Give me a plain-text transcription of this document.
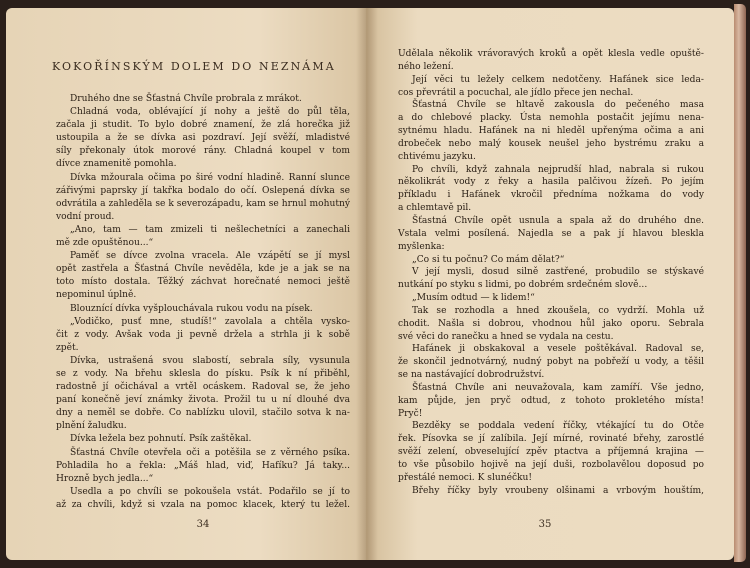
KOKOŘÍNSKÝM DOLEM DO NEZNÁMA
Druhého dne se Šťastná Chvíle probrala z mrákot.
Chladná voda, oblévající jí nohy a ještě do půl těla,
začala ji studit. To bylo dobré znamení, že zlá horečka již
ustoupila a že se dívka asi pozdraví. Její svěží, mladistvé
síly překonaly útok morové rány. Chladná koupel v tom
dívce znamenitě pomohla.
Dívka mžourala očima po širé vodní hladině. Ranní slunce
zářivými paprsky jí takřka bodalo do očí. Oslepená dívka se
odvrátila a zahleděla se k severozápadu, kam se hrnul mohutný
vodní proud.
„Ano, tam — tam zmizeli ti nešlechetníci a zanechali
mě zde opuštěnou...“
Paměť se dívce zvolna vracela. Ale vzápětí se jí mysl
opět zastřela a Šťastná Chvíle nevěděla, kde je a jak se na
toto místo dostala. Těžký záchvat horečnaté nemoci ještě
nepominul úplně.
Blouznící dívka vyšplouchávala rukou vodu na písek.
„Vodičko, pusť mne, studíš!“ zavolala a chtěla vysko-
čit z vody. Avšak voda ji pevně držela a strhla ji k sobě
zpět.
Dívka, ustrašená svou slabostí, sebrala síly, vysunula
se z vody. Na břehu sklesla do písku. Psík k ní přiběhl,
radostně jí očichával a vrtěl ocáskem. Radoval se, že jeho
paní konečně jeví známky života. Prožil tu u ní dlouhé dva
dny a neměl se dobře. Co nablízku ulovil, stačilo sotva k na-
plnění žaludku.
Dívka ležela bez pohnutí. Psík zaštěkal.
Šťastná Chvíle otevřela oči a potěšila se z věrného psíka.
Pohladila ho a řekla: „Máš hlad, viď, Hafíku? Já taky...
Hrozně bych jedla...“
Usedla a po chvíli se pokoušela vstát. Podařilo se jí to
až za chvíli, když si vzala na pomoc klacek, který tu ležel.
34
Udělala několik vrávoravých kroků a opět klesla vedle opuště-
ného ležení.
Její věci tu ležely celkem nedotčeny. Hafánek sice leda-
cos převrátil a pocuchal, ale jídlo přece jen nechal.
Šťastná Chvíle se hltavě zakousla do pečeného masa
a do chlebové placky. Ústa nemohla postačit jejímu nena-
sytnému hladu. Hafánek na ni hleděl upřenýma očima a ani
drobeček nebo malý kousek neušel jeho bystrému zraku a
chtivému jazyku.
Po chvíli, když zahnala nejprudší hlad, nabrala si rukou
několikrát vody z řeky a hasila palčivou žízeň. Po jejím
příkladu i Hafánek vkročil předníma nožkama do vody
a chlemtavě pil.
Šťastná Chvíle opět usnula a spala až do druhého dne.
Vstala velmi posílená. Najedla se a pak jí hlavou bleskla
myšlenka:
„Co si tu počnu? Co mám dělat?“
V její mysli, dosud silně zastřené, probudilo se stýskavé
nutkání po styku s lidmi, po dobrém srdečném slově...
„Musím odtud — k lidem!“
Tak se rozhodla a hned zkoušela, co vydrží. Mohla už
chodit. Našla si dobrou, vhodnou hůl jako oporu. Sebrala
své věci do ranečku a hned se vydala na cestu.
Hafánek ji obskakoval a vesele poštěkával. Radoval se,
že skončil jednotvárný, nudný pobyt na pobřeží u vody, a těšil
se na nastávající dobrodružství.
Šťastná Chvíle ani neuvažovala, kam zamíří. Vše jedno,
kam půjde, jen pryč odtud, z tohoto prokletého místa!
Pryč!
Bezděky se poddala vedení říčky, vtékající tu do Otče
řek. Písovka se jí zalíbila. Její mírné, rovinaté břehy, zarostlé
svěží zelení, obveselující zpěv ptactva a příjemná krajina —
to vše působilo hojivě na její duši, rozbolavělou doposud po
přestálé nemoci. K slunéčku!
Břehy říčky byly vroubeny olšinami a vrbovým houštím,
35
